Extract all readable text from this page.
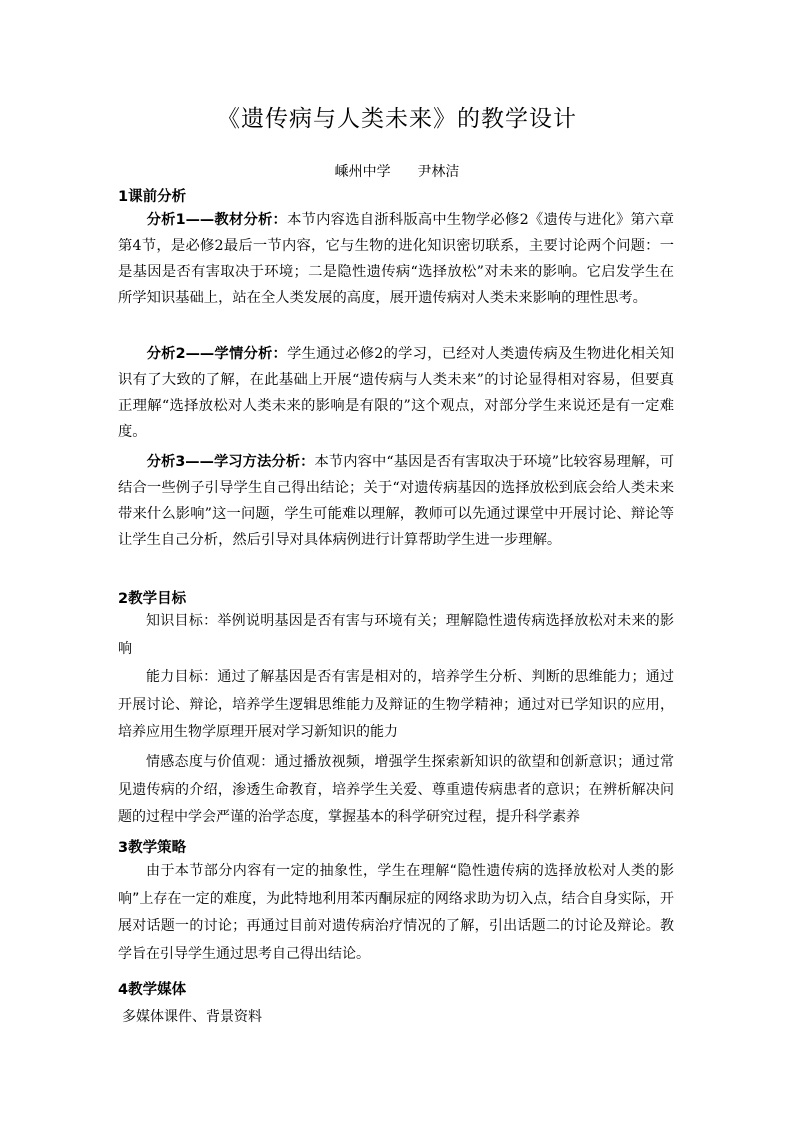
《遗传病与人类未来》的教学设计
嵊州中学      尹林洁
1课前分析

分析1——教材分析：本节内容选自浙科版高中生物学必修2《遗传与进化》第六章第4节，是必修2最后一节内容，它与生物的进化知识密切联系，主要讨论两个问题：一是基因是否有害取决于环境；二是隐性遗传病“选择放松”对未来的影响。它启发学生在所学知识基础上，站在全人类发展的高度，展开遗传病对人类未来影响的理性思考。

分析2——学情分析：学生通过必修2的学习，已经对人类遗传病及生物进化相关知识有了大致的了解，在此基础上开展“遗传病与人类未来”的讨论显得相对容易，但要真正理解“选择放松对人类未来的影响是有限的”这个观点，对部分学生来说还是有一定难度。

分析3——学习方法分析：本节内容中“基因是否有害取决于环境”比较容易理解，可结合一些例子引导学生自己得出结论；关于“对遗传病基因的选择放松到底会给人类未来带来什么影响”这一问题，学生可能难以理解，教师可以先通过课堂中开展讨论、辩论等让学生自己分析，然后引导对具体病例进行计算帮助学生进一步理解。

2教学目标

知识目标：举例说明基因是否有害与环境有关；理解隐性遗传病选择放松对未来的影响

能力目标：通过了解基因是否有害是相对的，培养学生分析、判断的思维能力；通过开展讨论、辩论，培养学生逻辑思维能力及辩证的生物学精神；通过对已学知识的应用，培养应用生物学原理开展对学习新知识的能力

情感态度与价值观：通过播放视频，增强学生探索新知识的欲望和创新意识；通过常见遗传病的介绍，渗透生命教育，培养学生关爱、尊重遗传病患者的意识；在辨析解决问题的过程中学会严谨的治学态度，掌握基本的科学研究过程，提升科学素养

3教学策略

由于本节部分内容有一定的抽象性，学生在理解“隐性遗传病的选择放松对人类的影响”上存在一定的难度，为此特地利用苯丙酮尿症的网络求助为切入点，结合自身实际，开展对话题一的讨论；再通过目前对遗传病治疗情况的了解，引出话题二的讨论及辩论。教学旨在引导学生通过思考自己得出结论。

4教学媒体
多媒体课件、背景资料
